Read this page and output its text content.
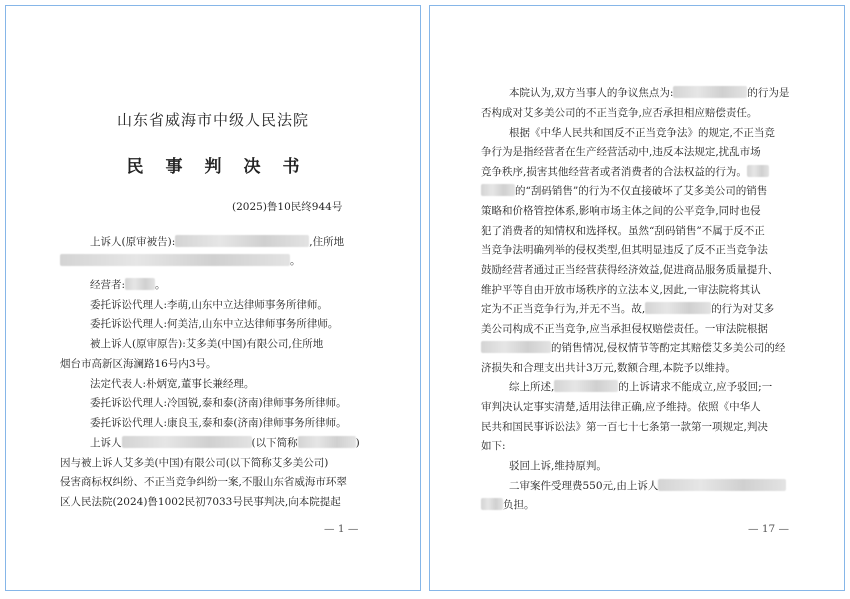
山东省威海市中级人民法院
民事判决书
(2025)鲁10民终944号
上诉人(原审被告):	,住所地
。
经营者:	。
委托诉讼代理人:李萌,山东中立达律师事务所律师。
委托诉讼代理人:何美洁,山东中立达律师事务所律师。
被上诉人(原审原告):艾多美(中国)有限公司,住所地
烟台市高新区海澜路16号内3号。
法定代表人:朴炳宽,董事长兼经理。
委托诉讼代理人:冷国锐,泰和泰(济南)律师事务所律师。
委托诉讼代理人:康良玉,泰和泰(济南)律师事务所律师。
上诉人	(以下简称	)
因与被上诉人艾多美(中国)有限公司(以下简称艾多美公司)
侵害商标权纠纷、不正当竞争纠纷一案,不服山东省威海市环翠
区人民法院(2024)鲁1002民初7033号民事判决,向本院提起
— 1 —
本院认为,双方当事人的争议焦点为:	的行为是
否构成对艾多美公司的不正当竞争,应否承担相应赔偿责任。
根据《中华人民共和国反不正当竞争法》的规定,不正当竞
争行为是指经营者在生产经营活动中,违反本法规定,扰乱市场
竞争秩序,损害其他经营者或者消费者的合法权益的行为。
的“刮码销售”的行为不仅直接破坏了艾多美公司的销售
策略和价格管控体系,影响市场主体之间的公平竞争,同时也侵
犯了消费者的知情权和选择权。虽然“刮码销售”不属于反不正
当竞争法明确列举的侵权类型,但其明显违反了反不正当竞争法
鼓励经营者通过正当经营获得经济效益,促进商品服务质量提升、
维护平等自由开放市场秩序的立法本义,因此,一审法院将其认
定为不正当竞争行为,并无不当。故,	的行为对艾多
美公司构成不正当竞争,应当承担侵权赔偿责任。一审法院根据
的销售情况,侵权情节等酌定其赔偿艾多美公司的经
济损失和合理支出共计3万元,数额合理,本院予以维持。
综上所述,	的上诉请求不能成立,应予驳回;一
审判决认定事实清楚,适用法律正确,应予维持。依照《中华人
民共和国民事诉讼法》第一百七十七条第一款第一项规定,判决
如下:
驳回上诉,维持原判。
二审案件受理费550元,由上诉人
负担。
— 17 —
